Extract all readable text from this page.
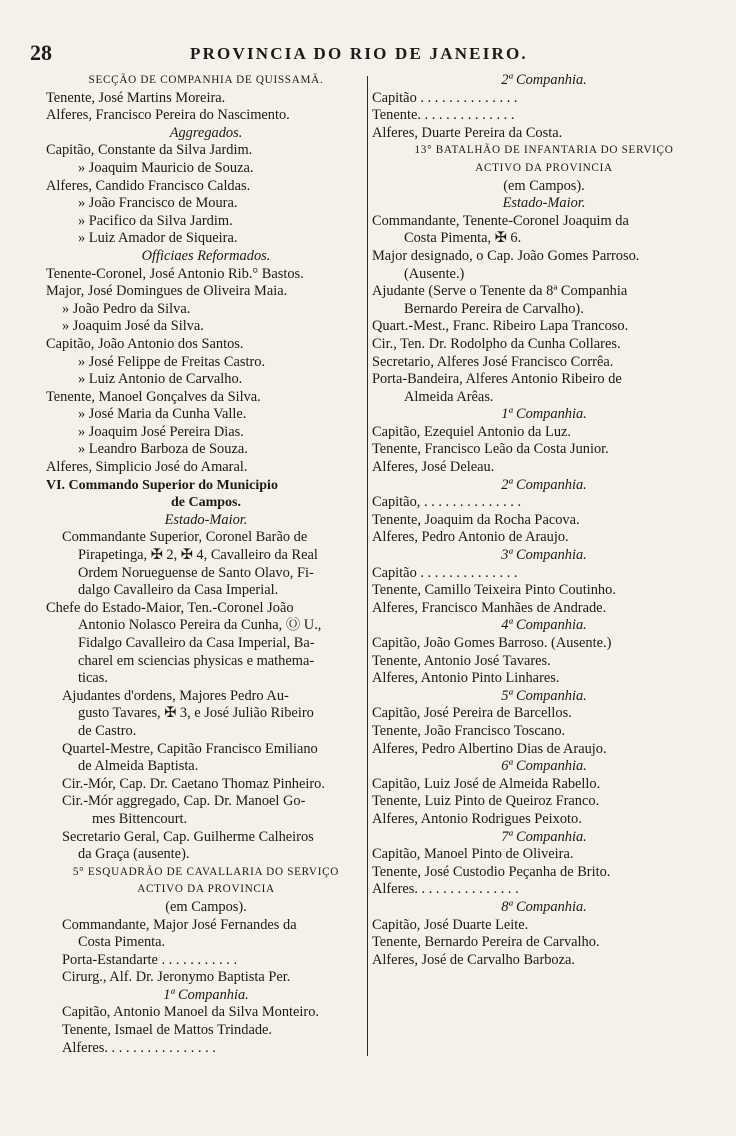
28	PROVINCIA DO RIO DE JANEIRO.
SECÇÃO DE COMPANHIA DE QUISSAMÃ.
Tenente, José Martins Moreira.
Alferes, Francisco Pereira do Nascimento.
Aggregados.
Capitão, Constante da Silva Jardim.
» Joaquim Mauricio de Souza.
Alferes, Candido Francisco Caldas.
» João Francisco de Moura.
» Pacifico da Silva Jardim.
» Luiz Amador de Siqueira.
Officiaes Reformados.
Tenente-Coronel, José Antonio Rib.° Bastos.
Major, José Domingues de Oliveira Maia.
» João Pedro da Silva.
» Joaquim José da Silva.
Capitão, João Antonio dos Santos.
» José Felippe de Freitas Castro.
» Luiz Antonio de Carvalho.
Tenente, Manoel Gonçalves da Silva.
» José Maria da Cunha Valle.
» Joaquim José Pereira Dias.
» Leandro Barboza de Souza.
Alferes, Simplicio José do Amaral.
VI. Commando Superior do Municipio
de Campos.
Estado-Maior.
Commandante Superior, Coronel Barão de
Pirapetinga, ✠ 2, ✠ 4, Cavalleiro da Real
Ordem Norueguense de Santo Olavo, Fi-
dalgo Cavalleiro da Casa Imperial.
Chefe do Estado-Maior, Ten.-Coronel João
Antonio Nolasco Pereira da Cunha, Ⓞ U.,
Fidalgo Cavalleiro da Casa Imperial, Ba-
charel em sciencias physicas e mathema-
ticas.
Ajudantes d'ordens, Majores Pedro Au-
gusto Tavares, ✠ 3, e José Julião Ribeiro
de Castro.
Quartel-Mestre, Capitão Francisco Emiliano
de Almeida Baptista.
Cir.-Mór, Cap. Dr. Caetano Thomaz Pinheiro.
Cir.-Mór aggregado, Cap. Dr. Manoel Go-
mes Bittencourt.
Secretario Geral, Cap. Guilherme Calheiros
da Graça (ausente).
5° ESQUADRÃO DE CAVALLARIA DO SERVIÇO
ACTIVO DA PROVINCIA
(em Campos).
Commandante, Major José Fernandes da
Costa Pimenta.
Porta-Estandarte . . . . . . . . . . .
Cirurg., Alf. Dr. Jeronymo Baptista Per.
1ª Companhia.
Capitão, Antonio Manoel da Silva Monteiro.
Tenente, Ismael de Mattos Trindade.
Alferes. . . . . . . . . . . . . . . .
2ª Companhia.
Capitão . . . . . . . . . . . . . .
Tenente. . . . . . . . . . . . . .
Alferes, Duarte Pereira da Costa.
13° BATALHÃO DE INFANTARIA DO SERVIÇO
ACTIVO DA PROVINCIA
(em Campos).
Estado-Maior.
Commandante, Tenente-Coronel Joaquim da
Costa Pimenta, ✠ 6.
Major designado, o Cap. João Gomes Parroso.
(Ausente.)
Ajudante (Serve o Tenente da 8ª Companhia
Bernardo Pereira de Carvalho).
Quart.-Mest., Franc. Ribeiro Lapa Trancoso.
Cir., Ten. Dr. Rodolpho da Cunha Collares.
Secretario, Alferes José Francisco Corrêa.
Porta-Bandeira, Alferes Antonio Ribeiro de
Almeida Arêas.
1ª Companhia.
Capitão, Ezequiel Antonio da Luz.
Tenente, Francisco Leão da Costa Junior.
Alferes, José Deleau.
2ª Companhia.
Capitão, . . . . . . . . . . . . . .
Tenente, Joaquim da Rocha Pacova.
Alferes, Pedro Antonio de Araujo.
3ª Companhia.
Capitão . . . . . . . . . . . . . .
Tenente, Camillo Teixeira Pinto Coutinho.
Alferes, Francisco Manhães de Andrade.
4ª Companhia.
Capitão, João Gomes Barroso. (Ausente.)
Tenente, Antonio José Tavares.
Alferes, Antonio Pinto Linhares.
5ª Companhia.
Capitão, José Pereira de Barcellos.
Tenente, João Francisco Toscano.
Alferes, Pedro Albertino Dias de Araujo.
6ª Companhia.
Capitão, Luiz José de Almeida Rabello.
Tenente, Luiz Pinto de Queiroz Franco.
Alferes, Antonio Rodrigues Peixoto.
7ª Companhia.
Capitão, Manoel Pinto de Oliveira.
Tenente, José Custodio Peçanha de Brito.
Alferes. . . . . . . . . . . . . . .
8ª Companhia.
Capitão, José Duarte Leite.
Tenente, Bernardo Pereira de Carvalho.
Alferes, José de Carvalho Barboza.
